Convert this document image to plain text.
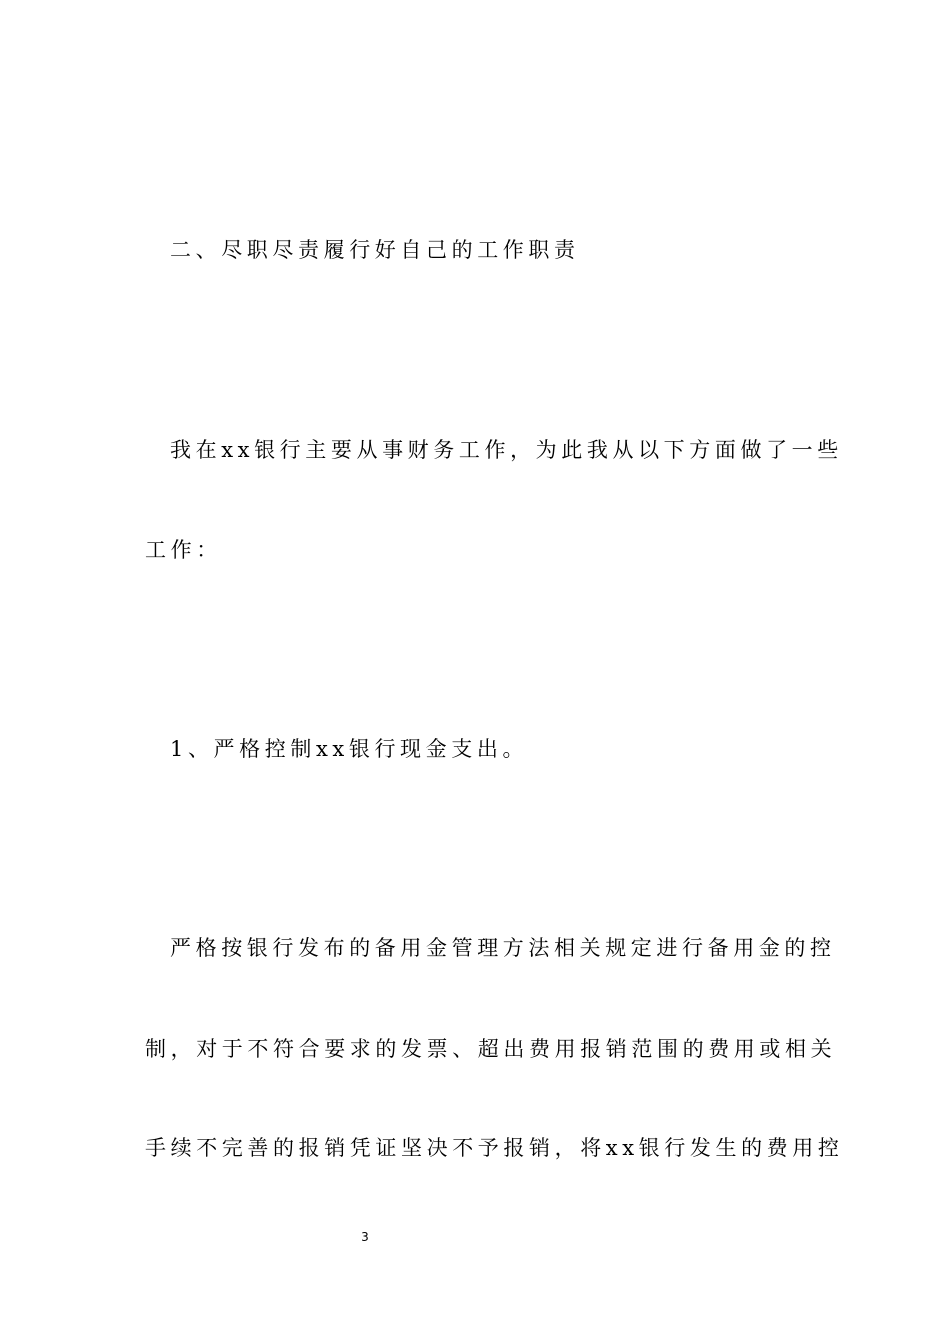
二、尽职尽责履行好自己的工作职责
我在xx银行主要从事财务工作，为此我从以下方面做了一些
工作：
1、严格控制xx银行现金支出。
严格按银行发布的备用金管理方法相关规定进行备用金的控
制，对于不符合要求的发票、超出费用报销范围的费用或相关
手续不完善的报销凭证坚决不予报销，将xx银行发生的费用控
3
